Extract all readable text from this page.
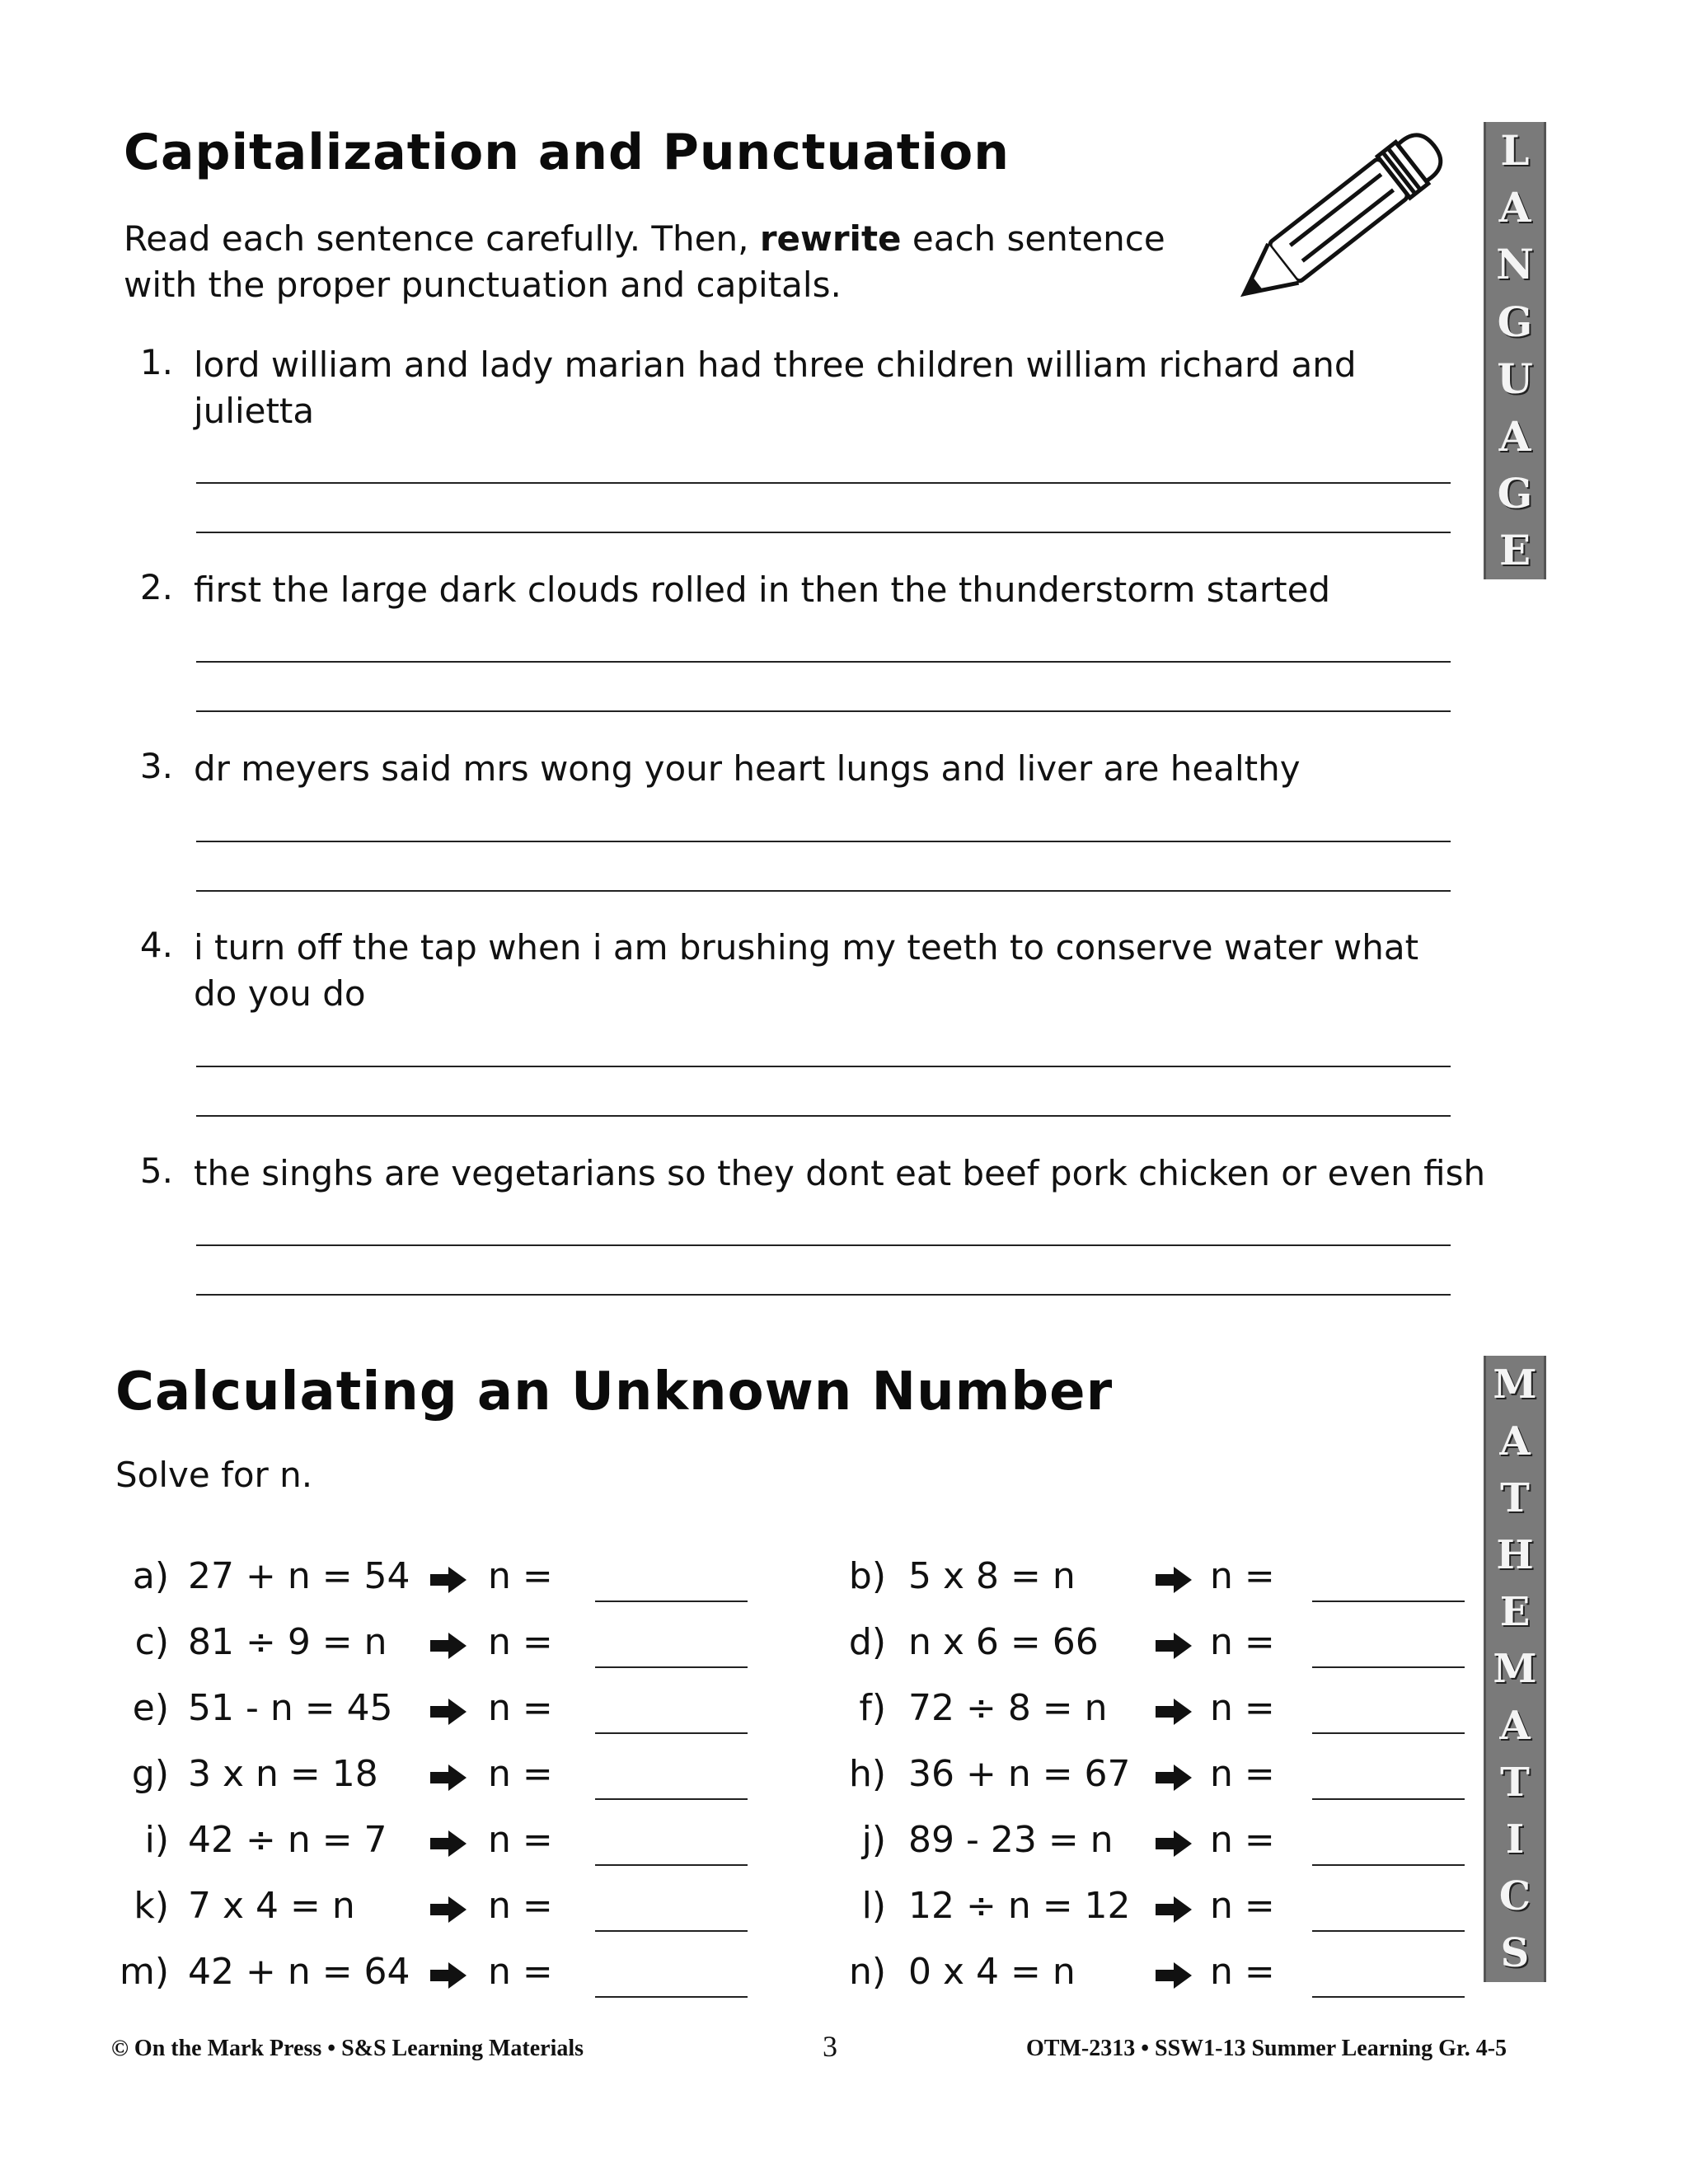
Capitalization and Punctuation
Read each sentence carefully. Then, rewrite each sentence
with the proper punctuation and capitals.
L
A
N
G
U
A
G
E
1. lord william and lady marian had three children william richard and
julietta
2. first the large dark clouds rolled in then the thunderstorm started
3. dr meyers said mrs wong your heart lungs and liver are healthy
4. i turn off the tap when i am brushing my teeth to conserve water what
do you do
5. the singhs are vegetarians so they dont eat beef pork chicken or even fish
Calculating an Unknown Number
Solve for n.
M
A
T
H
E
M
A
T
I
C
S
a) 27 + n = 54 n =
c) 81 ÷ 9 = n	n =
e) 51 - n = 45	n =
g) 3 x n = 18	n =
i) 42 ÷ n = 7	n =
k) 7 x 4 = n	n =
m) 42 + n = 64 n =
b) 5 x 8 = n	n =
d) n x 6 = 66	n =
f) 72 ÷ 8 = n	n =
h) 36 + n = 67 n =
j) 89 - 23 = n	n =
l) 12 ÷ n = 12 n =
n) 0 x 4 = n	n =
© On the Mark Press • S&S Learning Materials	3	OTM-2313 • SSW1-13 Summer Learning Gr. 4-5
